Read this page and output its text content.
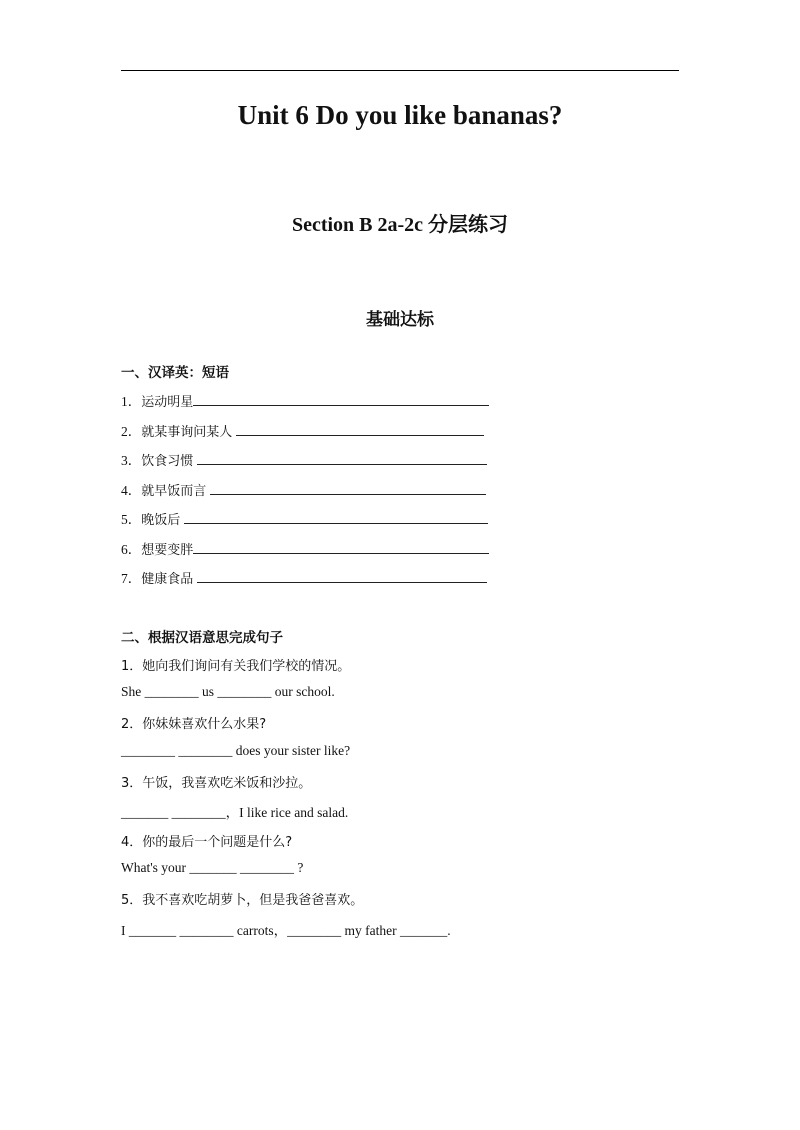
Unit 6 Do you like bananas?
Section B 2a-2c 分层练习
基础达标
一、汉译英：短语
1．运动明星
2．就某事询问某人
3．饮食习惯
4．就早饭而言
5．晚饭后
6．想要变胖
7．健康食品
二、根据汉语意思完成句子
1．她向我们询问有关我们学校的情况。
She ________ us ________ our school.
2．你妹妹喜欢什么水果?
________ ________ does your sister like?
3．午饭，我喜欢吃米饭和沙拉。
_______ ________，I like rice and salad.
4．你的最后一个问题是什么?
What's your _______ ________ ?
5．我不喜欢吃胡萝卜，但是我爸爸喜欢。
I _______ ________ carrots，________ my father _______.
